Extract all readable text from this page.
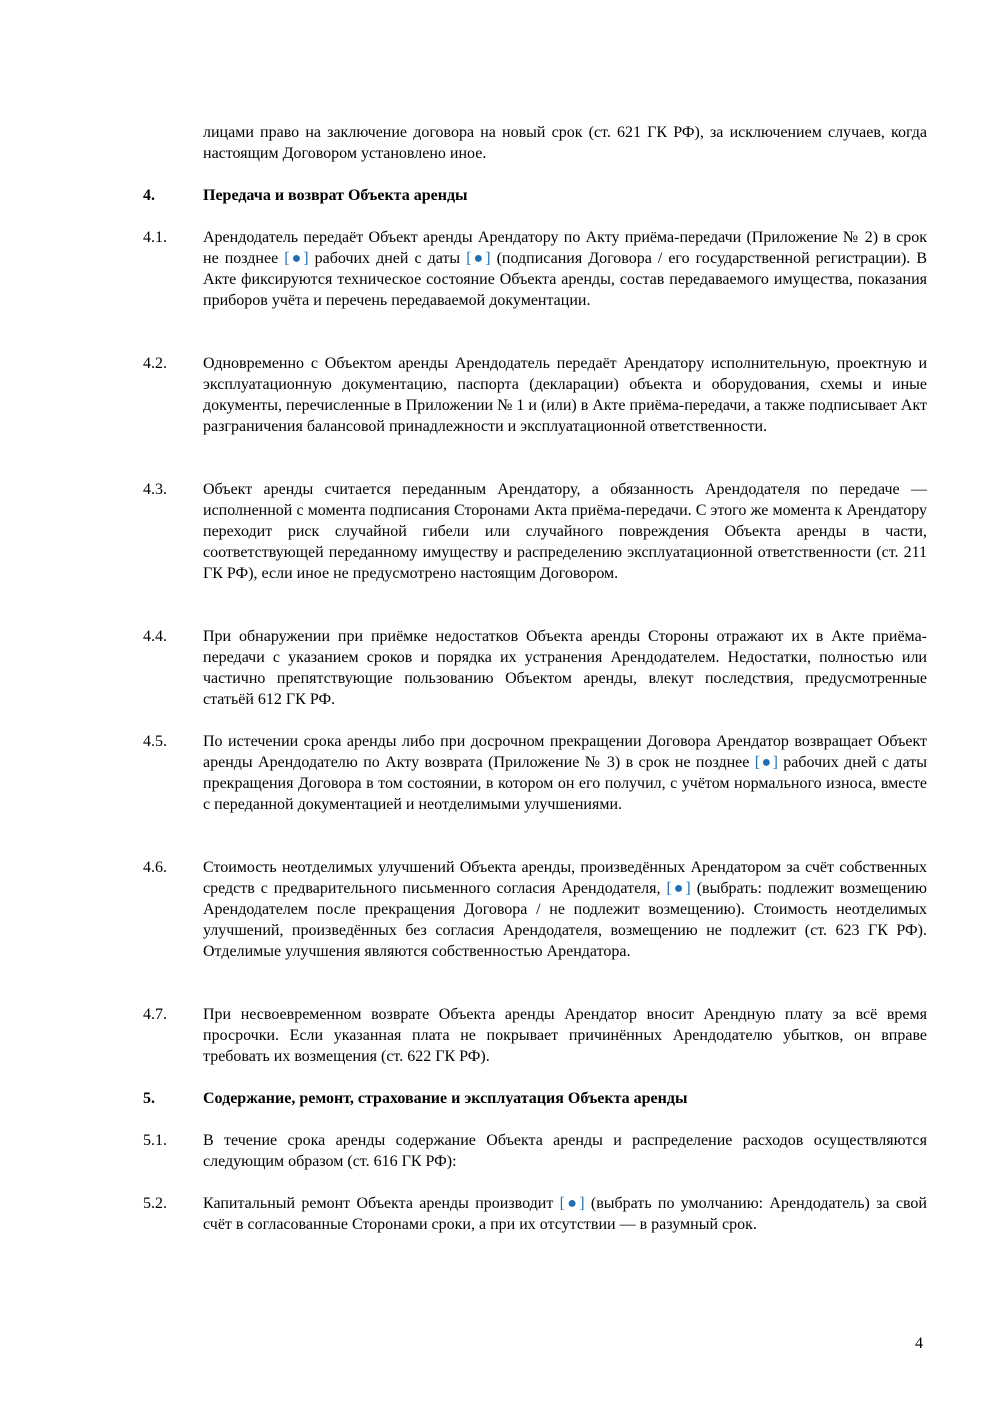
лицами право на заключение договора на новый срок (ст. 621 ГК РФ), за исключением случаев, когда настоящим Договором установлено иное.

4.	Передача и возврат Объекта аренды

4.1. Арендодатель передаёт Объект аренды Арендатору по Акту приёма-передачи (Приложение № 2) в срок не позднее [●] рабочих дней с даты [●] (подписания Договора / его государственной регистрации). В Акте фиксируются техническое состояние Объекта аренды, состав передаваемого имущества, показания приборов учёта и перечень передаваемой документации.

4.2. Одновременно с Объектом аренды Арендодатель передаёт Арендатору исполнительную, проектную и эксплуатационную документацию, паспорта (декларации) объекта и оборудования, схемы и иные документы, перечисленные в Приложении № 1 и (или) в Акте приёма-передачи, а также подписывает Акт разграничения балансовой принадлежности и эксплуатационной ответственности.

4.3. Объект аренды считается переданным Арендатору, а обязанность Арендодателя по передаче — исполненной с момента подписания Сторонами Акта приёма-передачи. С этого же момента к Арендатору переходит риск случайной гибели или случайного повреждения Объекта аренды в части, соответствующей переданному имуществу и распределению эксплуатационной ответственности (ст. 211 ГК РФ), если иное не предусмотрено настоящим Договором.

4.4. При обнаружении при приёмке недостатков Объекта аренды Стороны отражают их в Акте приёма-передачи с указанием сроков и порядка их устранения Арендодателем. Недостатки, полностью или частично препятствующие пользованию Объектом аренды, влекут последствия, предусмотренные статьёй 612 ГК РФ.

4.5. По истечении срока аренды либо при досрочном прекращении Договора Арендатор возвращает Объект аренды Арендодателю по Акту возврата (Приложение № 3) в срок не позднее [●] рабочих дней с даты прекращения Договора в том состоянии, в котором он его получил, с учётом нормального износа, вместе с переданной документацией и неотделимыми улучшениями.

4.6. Стоимость неотделимых улучшений Объекта аренды, произведённых Арендатором за счёт собственных средств с предварительного письменного согласия Арендодателя, [●] (выбрать: подлежит возмещению Арендодателем после прекращения Договора / не подлежит возмещению). Стоимость неотделимых улучшений, произведённых без согласия Арендодателя, возмещению не подлежит (ст. 623 ГК РФ). Отделимые улучшения являются собственностью Арендатора.

4.7. При несвоевременном возврате Объекта аренды Арендатор вносит Арендную плату за всё время просрочки. Если указанная плата не покрывает причинённых Арендодателю убытков, он вправе требовать их возмещения (ст. 622 ГК РФ).

5.	Содержание, ремонт, страхование и эксплуатация Объекта аренды

5.1. В течение срока аренды содержание Объекта аренды и распределение расходов осуществляются следующим образом (ст. 616 ГК РФ):

5.2. Капитальный ремонт Объекта аренды производит [●] (выбрать по умолчанию: Арендодатель) за свой счёт в согласованные Сторонами сроки, а при их отсутствии — в разумный срок.

4
